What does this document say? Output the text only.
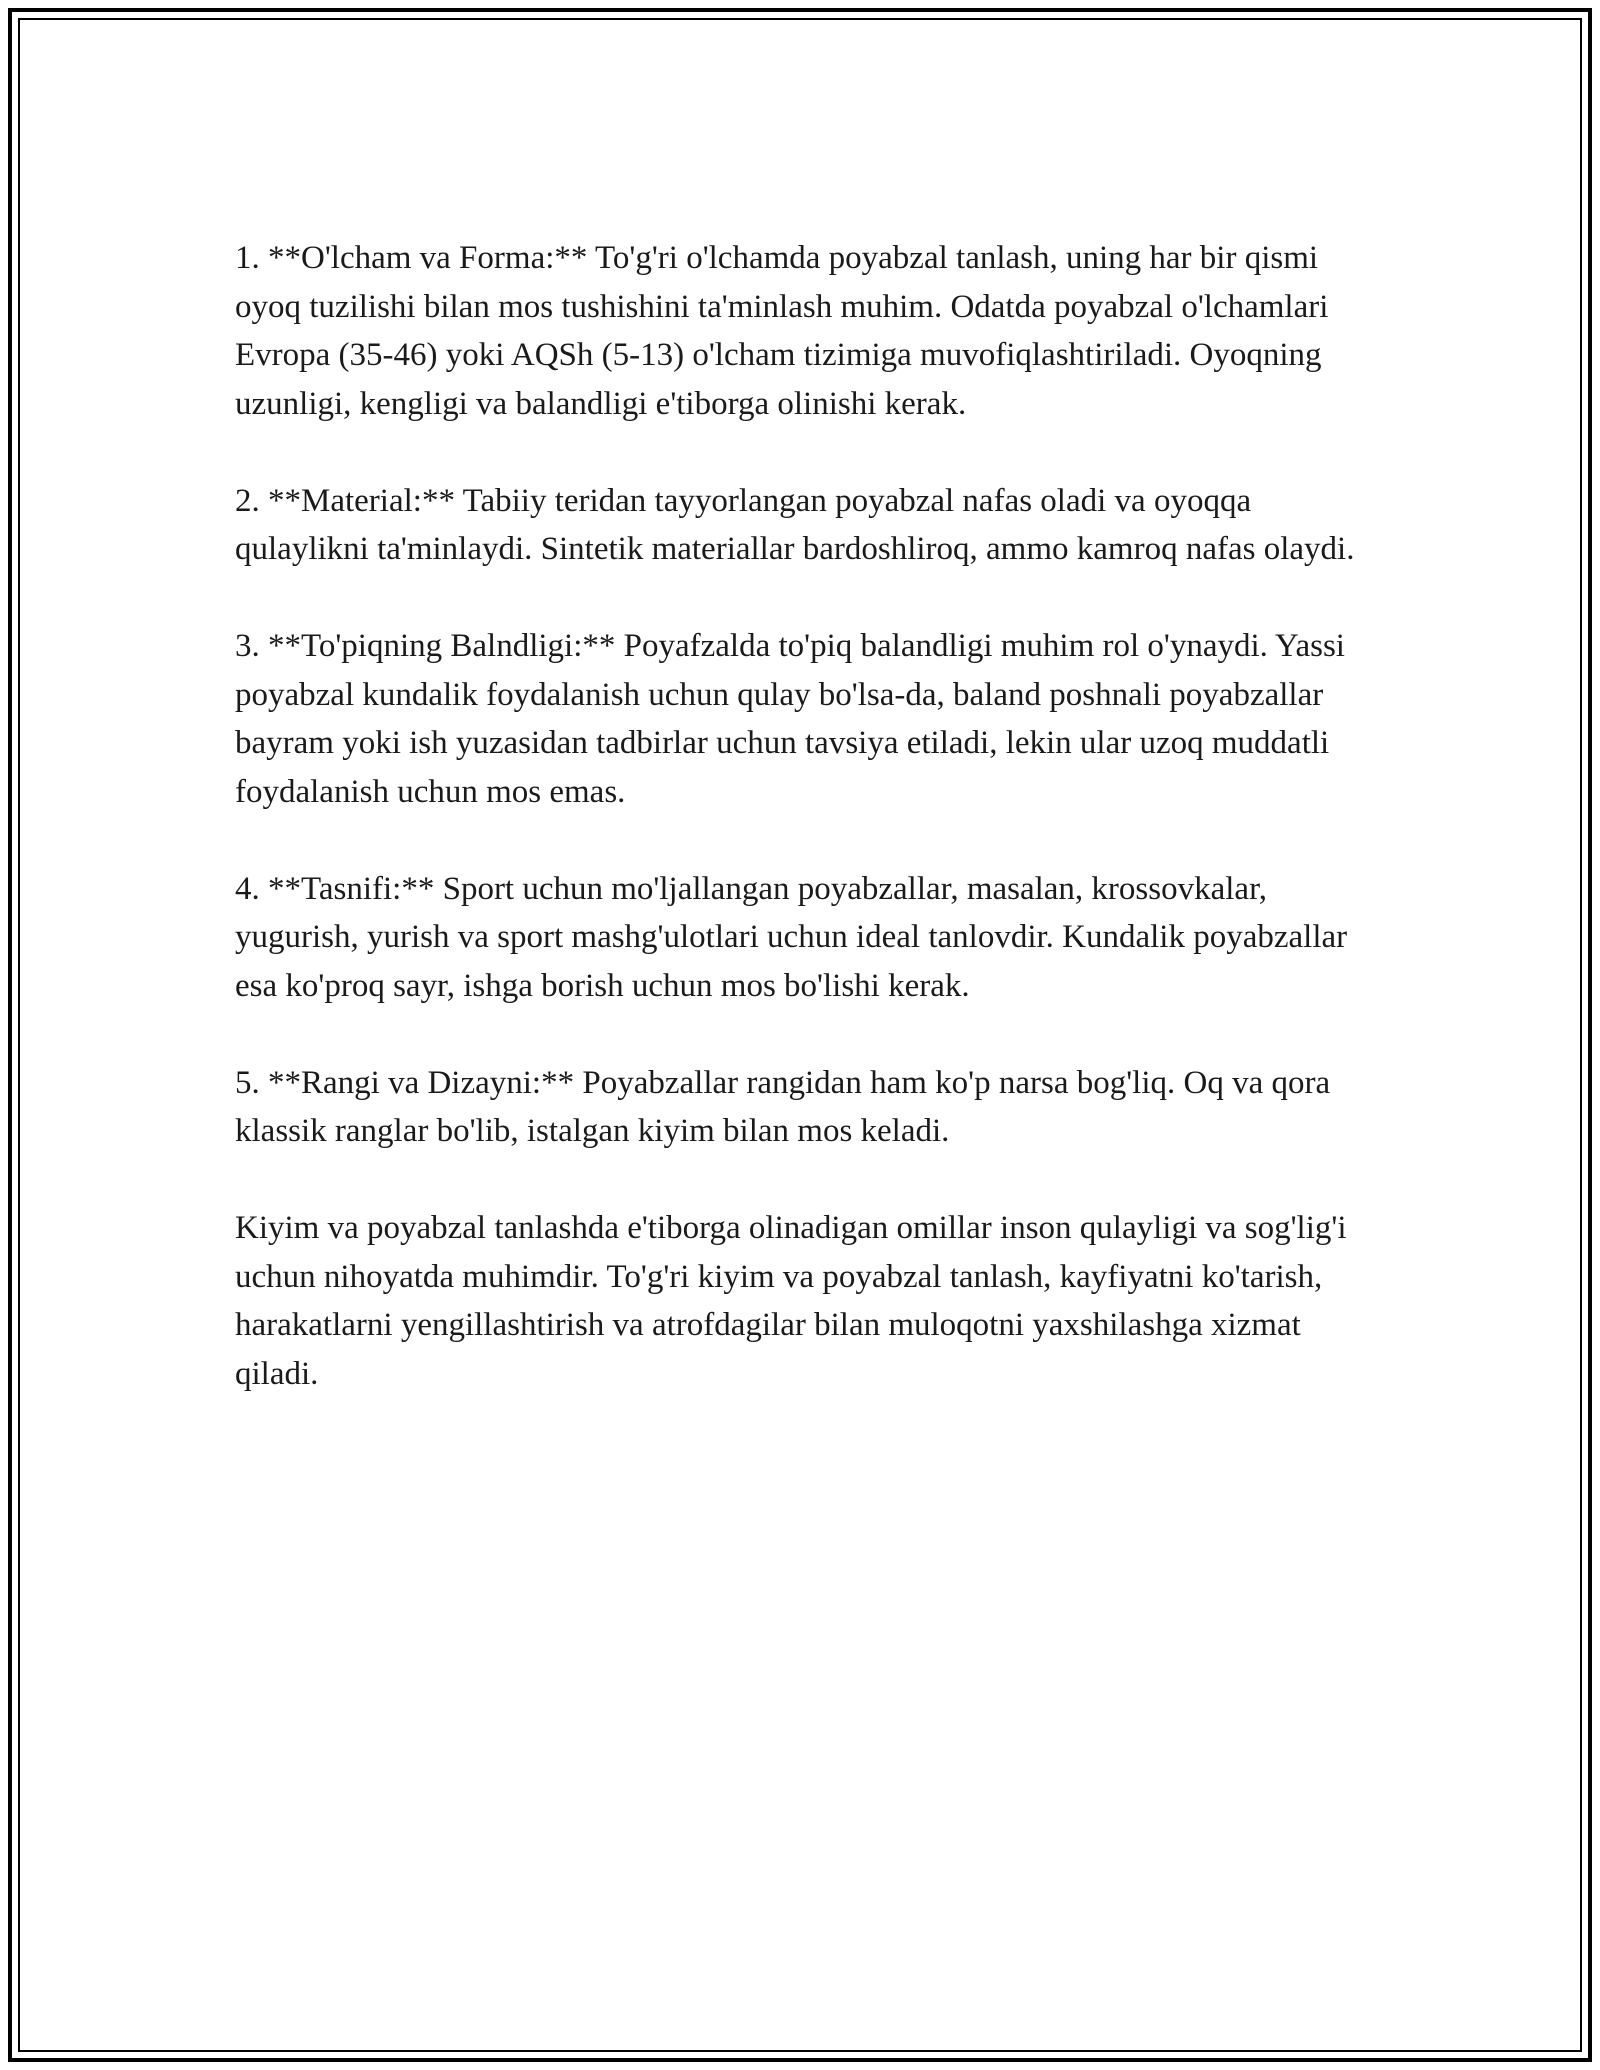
1. **O'lcham va Forma:** To'g'ri o'lchamda poyabzal tanlash, uning har bir qismi oyoq tuzilishi bilan mos tushishini ta'minlash muhim. Odatda poyabzal o'lchamlari Evropa (35-46) yoki AQSh (5-13) o'lcham tizimiga muvofiqlashtiriladi. Oyoqning uzunligi, kengligi va balandligi e'tiborga olinishi kerak.

2. **Material:** Tabiiy teridan tayyorlangan poyabzal nafas oladi va oyoqqa qulaylikni ta'minlaydi. Sintetik materiallar bardoshliroq, ammo kamroq nafas olaydi.

3. **To'piqning Balndligi:** Poyafzalda to'piq balandligi muhim rol o'ynaydi. Yassi poyabzal kundalik foydalanish uchun qulay bo'lsa-da, baland poshnali poyabzallar bayram yoki ish yuzasidan tadbirlar uchun tavsiya etiladi, lekin ular uzoq muddatli foydalanish uchun mos emas.

4. **Tasnifi:** Sport uchun mo'ljallangan poyabzallar, masalan, krossovkalar, yugurish, yurish va sport mashg'ulotlari uchun ideal tanlovdir. Kundalik poyabzallar esa ko'proq sayr, ishga borish uchun mos bo'lishi kerak.

5. **Rangi va Dizayni:** Poyabzallar rangidan ham ko'p narsa bog'liq. Oq va qora klassik ranglar bo'lib, istalgan kiyim bilan mos keladi.

Kiyim va poyabzal tanlashda e'tiborga olinadigan omillar inson qulayligi va sog'lig'i uchun nihoyatda muhimdir. To'g'ri kiyim va poyabzal tanlash, kayfiyatni ko'tarish, harakatlarni yengillashtirish va atrofdagilar bilan muloqotni yaxshilashga xizmat qiladi.
